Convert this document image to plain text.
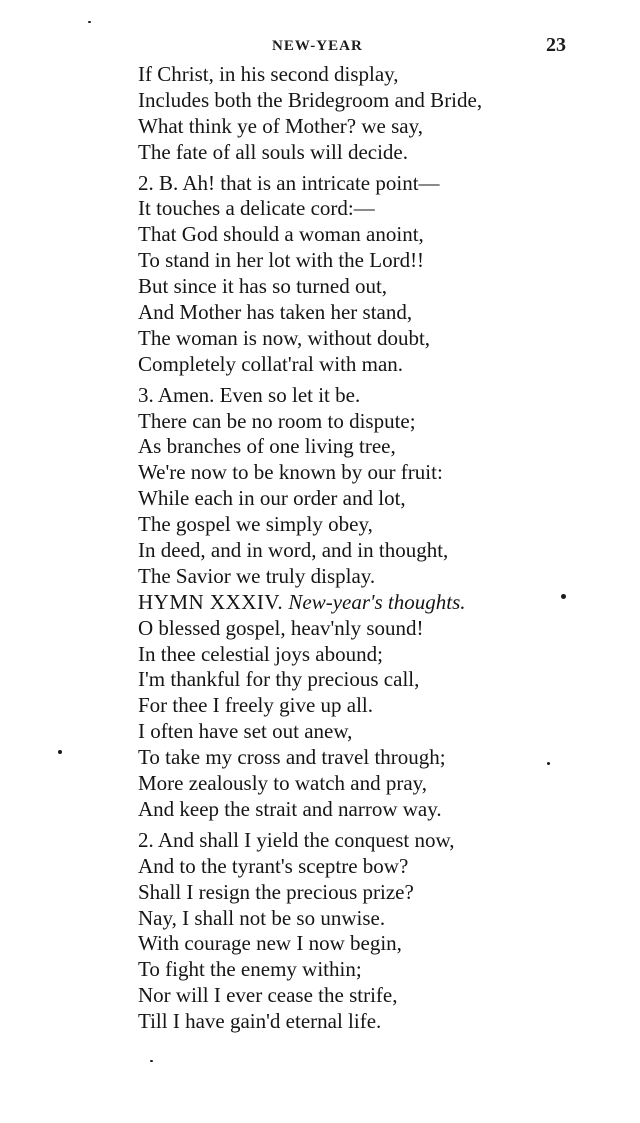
NEW-YEAR	23
If Christ, in his second display,
Includes both the Bridegroom and Bride,
What think ye of Mother? we say,
The fate of all souls will decide.
2. B. Ah! that is an intricate point—
It touches a delicate cord:—
That God should a woman anoint,
To stand in her lot with the Lord!!
But since it has so turned out,
And Mother has taken her stand,
The woman is now, without doubt,
Completely collat'ral with man.
3. Amen. Even so let it be.
There can be no room to dispute;
As branches of one living tree,
We're now to be known by our fruit:
While each in our order and lot,
The gospel we simply obey,
In deed, and in word, and in thought,
The Savior we truly display.
HYMN XXXIV. New-year's thoughts.
O blessed gospel, heav'nly sound!
In thee celestial joys abound;
I'm thankful for thy precious call,
For thee I freely give up all.
I often have set out anew,
To take my cross and travel through;
More zealously to watch and pray,
And keep the strait and narrow way.
2. And shall I yield the conquest now,
And to the tyrant's sceptre bow?
Shall I resign the precious prize?
Nay, I shall not be so unwise.
With courage new I now begin,
To fight the enemy within;
Nor will I ever cease the strife,
Till I have gain'd eternal life.
